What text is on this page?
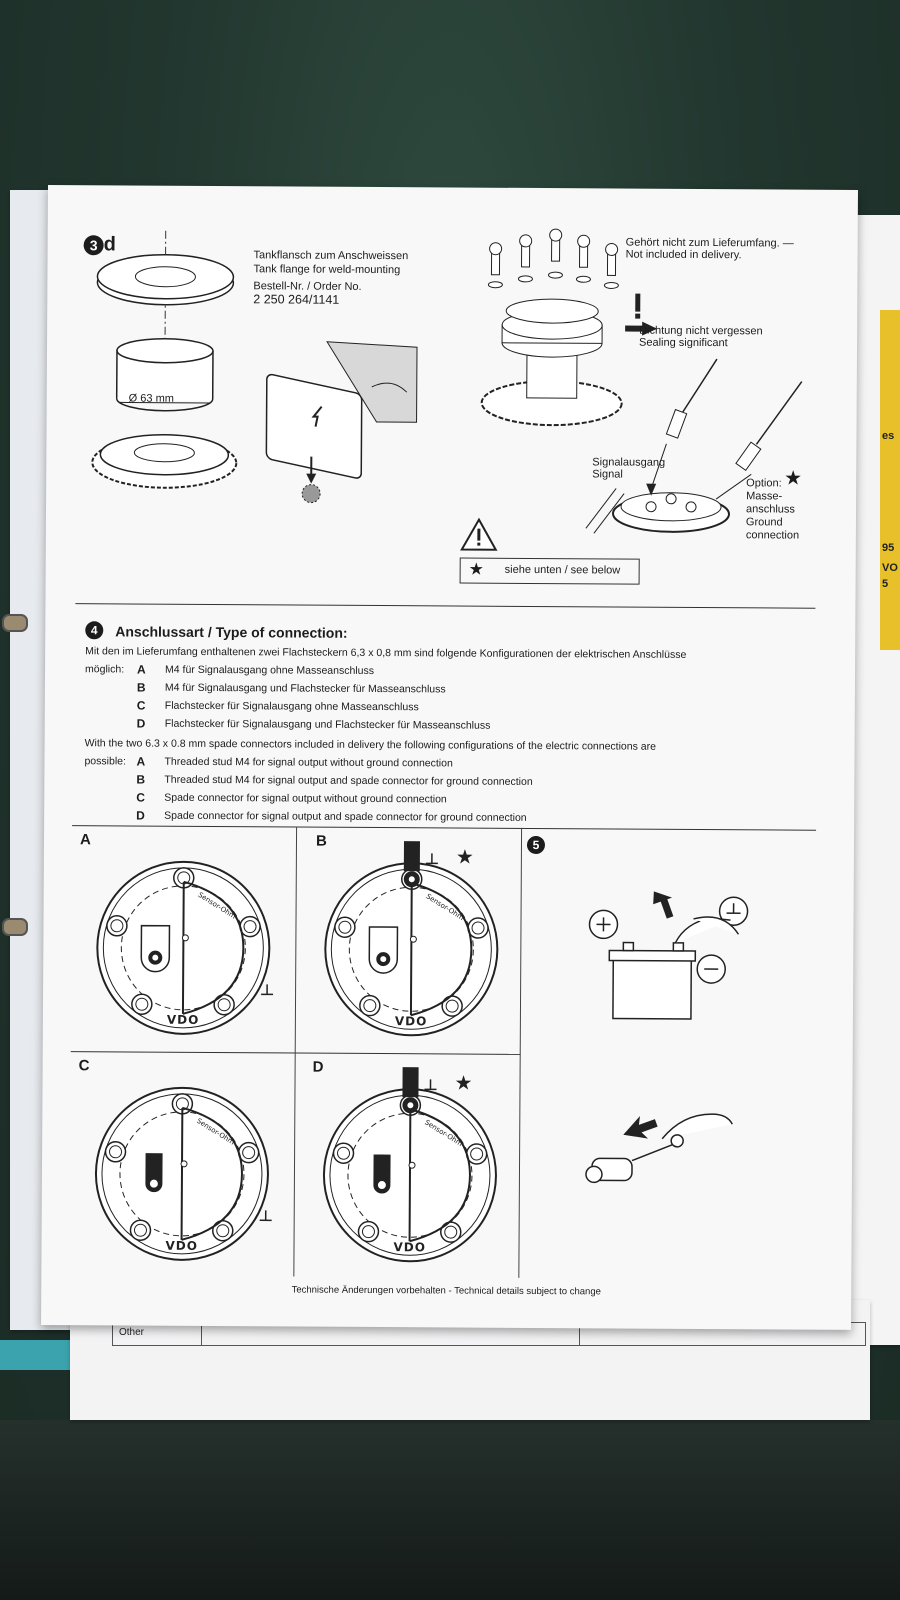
es
95
VO
5
Other
3 d
Ø 63 mm
Tankflansch zum Anschweissen
Tank flange for weld-mounting
Bestell-Nr. / Order No.
2 250 264/1141
Gehört nicht zum Lieferumfang. —
Not included in delivery.
Dichtung nicht vergessen
Sealing significant
Signalausgang
Signal
Option:
Masse-
anschluss
Ground
connection
★
★ siehe unten / see below
4	Anschlussart / Type of connection:
Mit den im Lieferumfang enthaltenen zwei Flachsteckern 6,3 x 0,8 mm sind folgende Konfigurationen der elektrischen Anschlüsse
möglich: A	M4 für Signalausgang ohne Masseanschluss
B	M4 für Signalausgang und Flachstecker für Masseanschluss
C	Flachstecker für Signalausgang ohne Masseanschluss
D	Flachstecker für Signalausgang und Flachstecker für Masseanschluss
With the two 6.3 x 0.8 mm spade connectors included in delivery the following configurations of the electric connections are
possible: A	Threaded stud M4 for signal output without ground connection
B	Threaded stud M4 for signal output and spade connector for ground connection
C	Spade connector for signal output without ground connection
D	Spade connector for signal output and spade connector for ground connection
A	B
C	D
5
VDO
Sensor-Ohm
★
VDO
Sensor-Ohm
VDO
Sensor-Ohm
★
VDO
Sensor-Ohm
Technische Änderungen vorbehalten - Technical details subject to change
